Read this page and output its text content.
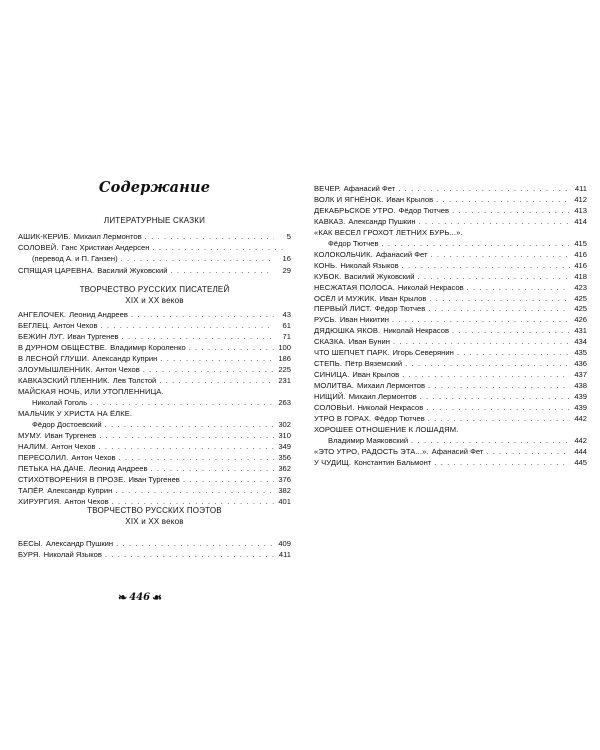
Содержание
ЛИТЕРАТУРНЫЕ СКАЗКИ
ТВОРЧЕСТВО РУССКИХ ПИСАТЕЛЕЙ
XIX и XX веков
ТВОРЧЕСТВО РУССКИХ ПОЭТОВ
XIX и XX веков
АШИК-КЕРИБ. Михаил Лермонтов . . .	5
СОЛОВЕЙ. Ганс Христиан Андерсен
. . .
(перевод А. и П. Ганзен) . . .	16
СПЯЩАЯ ЦАРЕВНА. Василий Жуковский . . .	29
АНГЕЛОЧЕК. Леонид Андреев . . .	43
БЕГЛЕЦ. Антон Чехов . . .	61
БЕЖИН ЛУГ. Иван Тургенев . . .	71
В ДУРНОМ ОБЩЕСТВЕ. Владимир Короленко . . .	100
В ЛЕСНОЙ ГЛУШИ. Александр Куприн . . .	186
ЗЛОУМЫШЛЕННИК. Антон Чехов . . .	225
КАВКАЗСКИЙ ПЛЕННИК. Лев Толстой . . .	231
МАЙСКАЯ НОЧЬ, ИЛИ УТОПЛЕННИЦА.
Николай Гоголь . . .	263
МАЛЬЧИК У ХРИСТА НА ЁЛКЕ.
Фёдор Достоевский . . .	302
МУМУ. Иван Тургенев . . .	310
НАЛИМ. Антон Чехов . . .	349
ПЕРЕСОЛИЛ. Антон Чехов . . .	356
ПЕТЬКА НА ДАЧЕ. Леонид Андреев . . .	362
СТИХОТВОРЕНИЯ В ПРОЗЕ. Иван Тургенев . . .	376
ТАПЁР. Александр Куприн . . .	382
ХИРУРГИЯ. Антон Чехов . . .	401
БЕСЫ. Александр Пушкин . . .	409
БУРЯ. Николай Языков . . .	411
ВЕЧЕР. Афанасий Фет . . .	411
ВОЛК И ЯГНЁНОК. Иван Крылов . . .	412
ДЕКАБРЬСКОЕ УТРО. Фёдор Тютчев . . .	413
КАВКАЗ. Александр Пушкин . . .	414
«КАК ВЕСЕЛ ГРОХОТ ЛЕТНИХ БУРЬ...».
Фёдор Тютчев . . .	415
КОЛОКОЛЬЧИК. Афанасий Фет . . .	416
КОНЬ. Николай Языков . . .	416
КУБОК. Василий Жуковский . . .	418
НЕСЖАТАЯ ПОЛОСА. Николай Некрасов . . .	423
ОСЁЛ И МУЖИК. Иван Крылов . . .	425
ПЕРВЫЙ ЛИСТ. Фёдор Тютчев . . .	425
РУСЬ. Иван Никитин . . .	426
ДЯДЮШКА ЯКОВ. Николай Некрасов . . .	431
СКАЗКА. Иван Бунин . . .	434
ЧТО ШЕПЧЕТ ПАРК. Игорь Северянин . . .	435
СТЕПЬ. Пётр Вяземский . . .	436
СИНИЦА. Иван Крылов . . .	437
МОЛИТВА. Михаил Лермонтов . . .	438
НИЩИЙ. Михаил Лермонтов . . .	439
СОЛОВЬИ. Николай Некрасов . . .	439
УТРО В ГОРАХ. Фёдор Тютчев . . .	442
ХОРОШЕЕ ОТНОШЕНИЕ К ЛОШАДЯМ.
Владимир Маяковский . . .	442
«ЭТО УТРО, РАДОСТЬ ЭТА...». Афанасий Фет . . .	444
У ЧУДИЩ. Константин Бальмонт . . .	445
❧ 446 ☙
